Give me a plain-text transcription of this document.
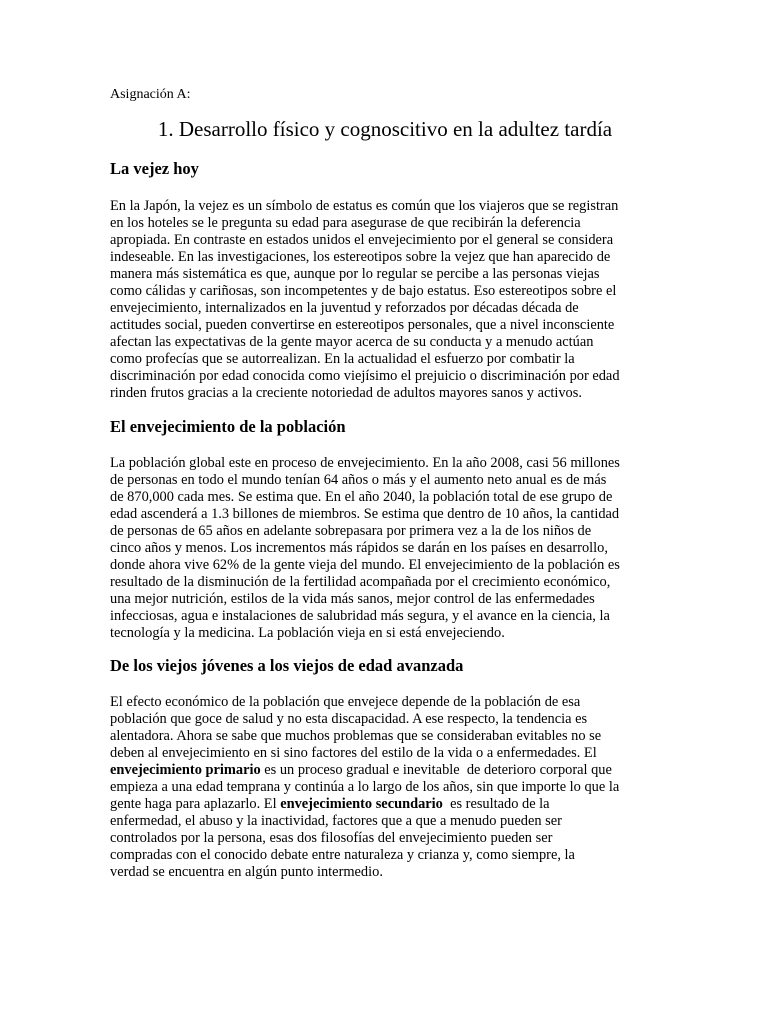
Asignación A:
1. Desarrollo físico y cognoscitivo en la adultez tardía
La vejez hoy
En la Japón, la vejez es un símbolo de estatus es común que los viajeros que se registran
en los hoteles se le pregunta su edad para asegurase de que recibirán la deferencia
apropiada. En contraste en estados unidos el envejecimiento por el general se considera
indeseable. En las investigaciones, los estereotipos sobre la vejez que han aparecido de
manera más sistemática es que, aunque por lo regular se percibe a las personas viejas
como cálidas y cariñosas, son incompetentes y de bajo estatus. Eso estereotipos sobre el
envejecimiento, internalizados en la juventud y reforzados por décadas década de
actitudes social, pueden convertirse en estereotipos personales, que a nivel inconsciente
afectan las expectativas de la gente mayor acerca de su conducta y a menudo actúan
como profecías que se autorrealizan. En la actualidad el esfuerzo por combatir la
discriminación por edad conocida como viejísimo el prejuicio o discriminación por edad
rinden frutos gracias a la creciente notoriedad de adultos mayores sanos y activos.
El envejecimiento de la población
La población global este en proceso de envejecimiento. En la año 2008, casi 56 millones
de personas en todo el mundo tenían 64 años o más y el aumento neto anual es de más
de 870,000 cada mes. Se estima que. En el año 2040, la población total de ese grupo de
edad ascenderá a 1.3 billones de miembros. Se estima que dentro de 10 años, la cantidad
de personas de 65 años en adelante sobrepasara por primera vez a la de los niños de
cinco años y menos. Los incrementos más rápidos se darán en los países en desarrollo,
donde ahora vive 62% de la gente vieja del mundo. El envejecimiento de la población es
resultado de la disminución de la fertilidad acompañada por el crecimiento económico,
una mejor nutrición, estilos de la vida más sanos, mejor control de las enfermedades
infecciosas, agua e instalaciones de salubridad más segura, y el avance en la ciencia, la
tecnología y la medicina. La población vieja en si está envejeciendo.
De los viejos jóvenes a los viejos de edad avanzada
El efecto económico de la población que envejece depende de la población de esa
población que goce de salud y no esta discapacidad. A ese respecto, la tendencia es
alentadora. Ahora se sabe que muchos problemas que se consideraban evitables no se
deben al envejecimiento en si sino factores del estilo de la vida o a enfermedades. El
envejecimiento primario es un proceso gradual e inevitable  de deterioro corporal que
empieza a una edad temprana y continúa a lo largo de los años, sin que importe lo que la
gente haga para aplazarlo. El envejecimiento secundario  es resultado de la
enfermedad, el abuso y la inactividad, factores que a que a menudo pueden ser
controlados por la persona, esas dos filosofías del envejecimiento pueden ser
compradas con el conocido debate entre naturaleza y crianza y, como siempre, la
verdad se encuentra en algún punto intermedio.
